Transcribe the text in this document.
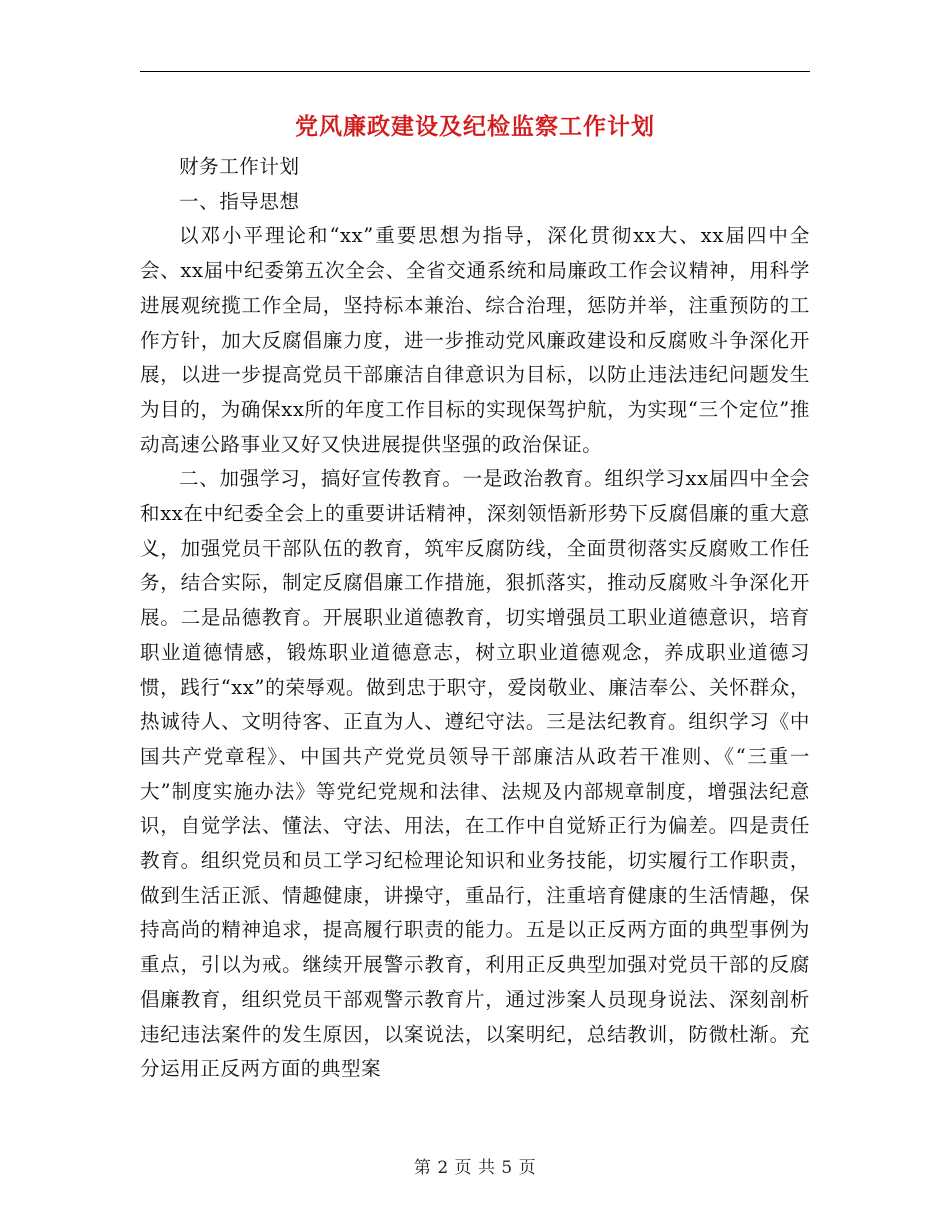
党风廉政建设及纪检监察工作计划

财务工作计划

一、指导思想

以邓小平理论和“xx”重要思想为指导，深化贯彻xx大、xx届四中全会、xx届中纪委第五次全会、全省交通系统和局廉政工作会议精神，用科学进展观统揽工作全局，坚持标本兼治、综合治理，惩防并举，注重预防的工作方针，加大反腐倡廉力度，进一步推动党风廉政建设和反腐败斗争深化开展，以进一步提高党员干部廉洁自律意识为目标，以防止违法违纪问题发生为目的，为确保xx所的年度工作目标的实现保驾护航，为实现“三个定位”推动高速公路事业又好又快进展提供坚强的政治保证。

二、加强学习，搞好宣传教育。一是政治教育。组织学习xx届四中全会和xx在中纪委全会上的重要讲话精神，深刻领悟新形势下反腐倡廉的重大意义，加强党员干部队伍的教育，筑牢反腐防线，全面贯彻落实反腐败工作任务，结合实际，制定反腐倡廉工作措施，狠抓落实，推动反腐败斗争深化开展。二是品德教育。开展职业道德教育，切实增强员工职业道德意识，培育职业道德情感，锻炼职业道德意志，树立职业道德观念，养成职业道德习惯，践行“xx”的荣辱观。做到忠于职守，爱岗敬业、廉洁奉公、关怀群众，热诚待人、文明待客、正直为人、遵纪守法。三是法纪教育。组织学习《中国共产党章程》、中国共产党党员领导干部廉洁从政若干准则、《“三重一大”制度实施办法》等党纪党规和法律、法规及内部规章制度，增强法纪意识，自觉学法、懂法、守法、用法，在工作中自觉矫正行为偏差。四是责任教育。组织党员和员工学习纪检理论知识和业务技能，切实履行工作职责，做到生活正派、情趣健康，讲操守，重品行，注重培育健康的生活情趣，保持高尚的精神追求，提高履行职责的能力。五是以正反两方面的典型事例为重点，引以为戒。继续开展警示教育，利用正反典型加强对党员干部的反腐倡廉教育，组织党员干部观警示教育片，通过涉案人员现身说法、深刻剖析违纪违法案件的发生原因，以案说法，以案明纪，总结教训，防微杜渐。充分运用正反两方面的典型案

第 2 页 共 5 页
